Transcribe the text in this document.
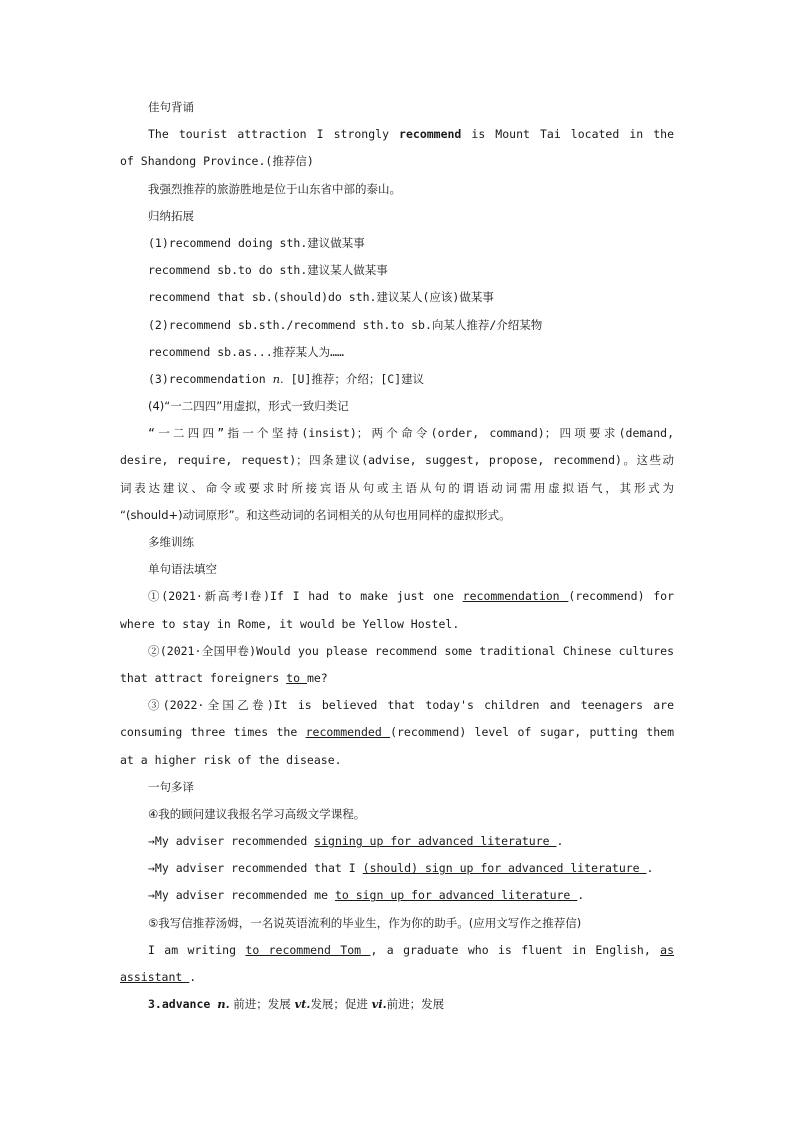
佳句背诵
The tourist attraction I strongly recommend is Mount Tai located in the
of Shandong Province.(推荐信)
我强烈推荐的旅游胜地是位于山东省中部的泰山。
归纳拓展
(1)recommend doing sth.建议做某事
recommend sb.to do sth.建议某人做某事
recommend that sb.(should)do sth.建议某人(应该)做某事
(2)recommend sb.sth./recommend sth.to sb.向某人推荐/介绍某物
recommend sb.as...推荐某人为……
(3)recommendation n. [U]推荐；介绍；[C]建议
(4)“一二四四”用虚拟，形式一致归类记
“一二四四”指一个坚持(insist)；两个命令(order, command)；四项要求(demand,
desire, require, request)；四条建议(advise, suggest, propose, recommend)。这些动
词表达建议、命令或要求时所接宾语从句或主语从句的谓语动词需用虚拟语气，其形式为
“(should+)动词原形”。和这些动词的名词相关的从句也用同样的虚拟形式。
多维训练
单句语法填空
①(2021·新高考Ⅰ卷)If I had to make just one recommendation (recommend) for
where to stay in Rome, it would be Yellow Hostel.
②(2021·全国甲卷)Would you please recommend some traditional Chinese cultures
that attract foreigners to me?
③(2022·全国乙卷)It is believed that today's children and teenagers are
consuming three times the recommended (recommend) level of sugar, putting them
at a higher risk of the disease.
一句多译
④我的顾问建议我报名学习高级文学课程。
→My adviser recommended signing up for advanced literature .
→My adviser recommended that I (should) sign up for advanced literature .
→My adviser recommended me to sign up for advanced literature .
⑤我写信推荐汤姆，一名说英语流利的毕业生，作为你的助手。(应用文写作之推荐信)
I am writing to recommend Tom , a graduate who is fluent in English, as
assistant .
3.advance n. 前进；发展 vt.发展；促进 vi.前进；发展
